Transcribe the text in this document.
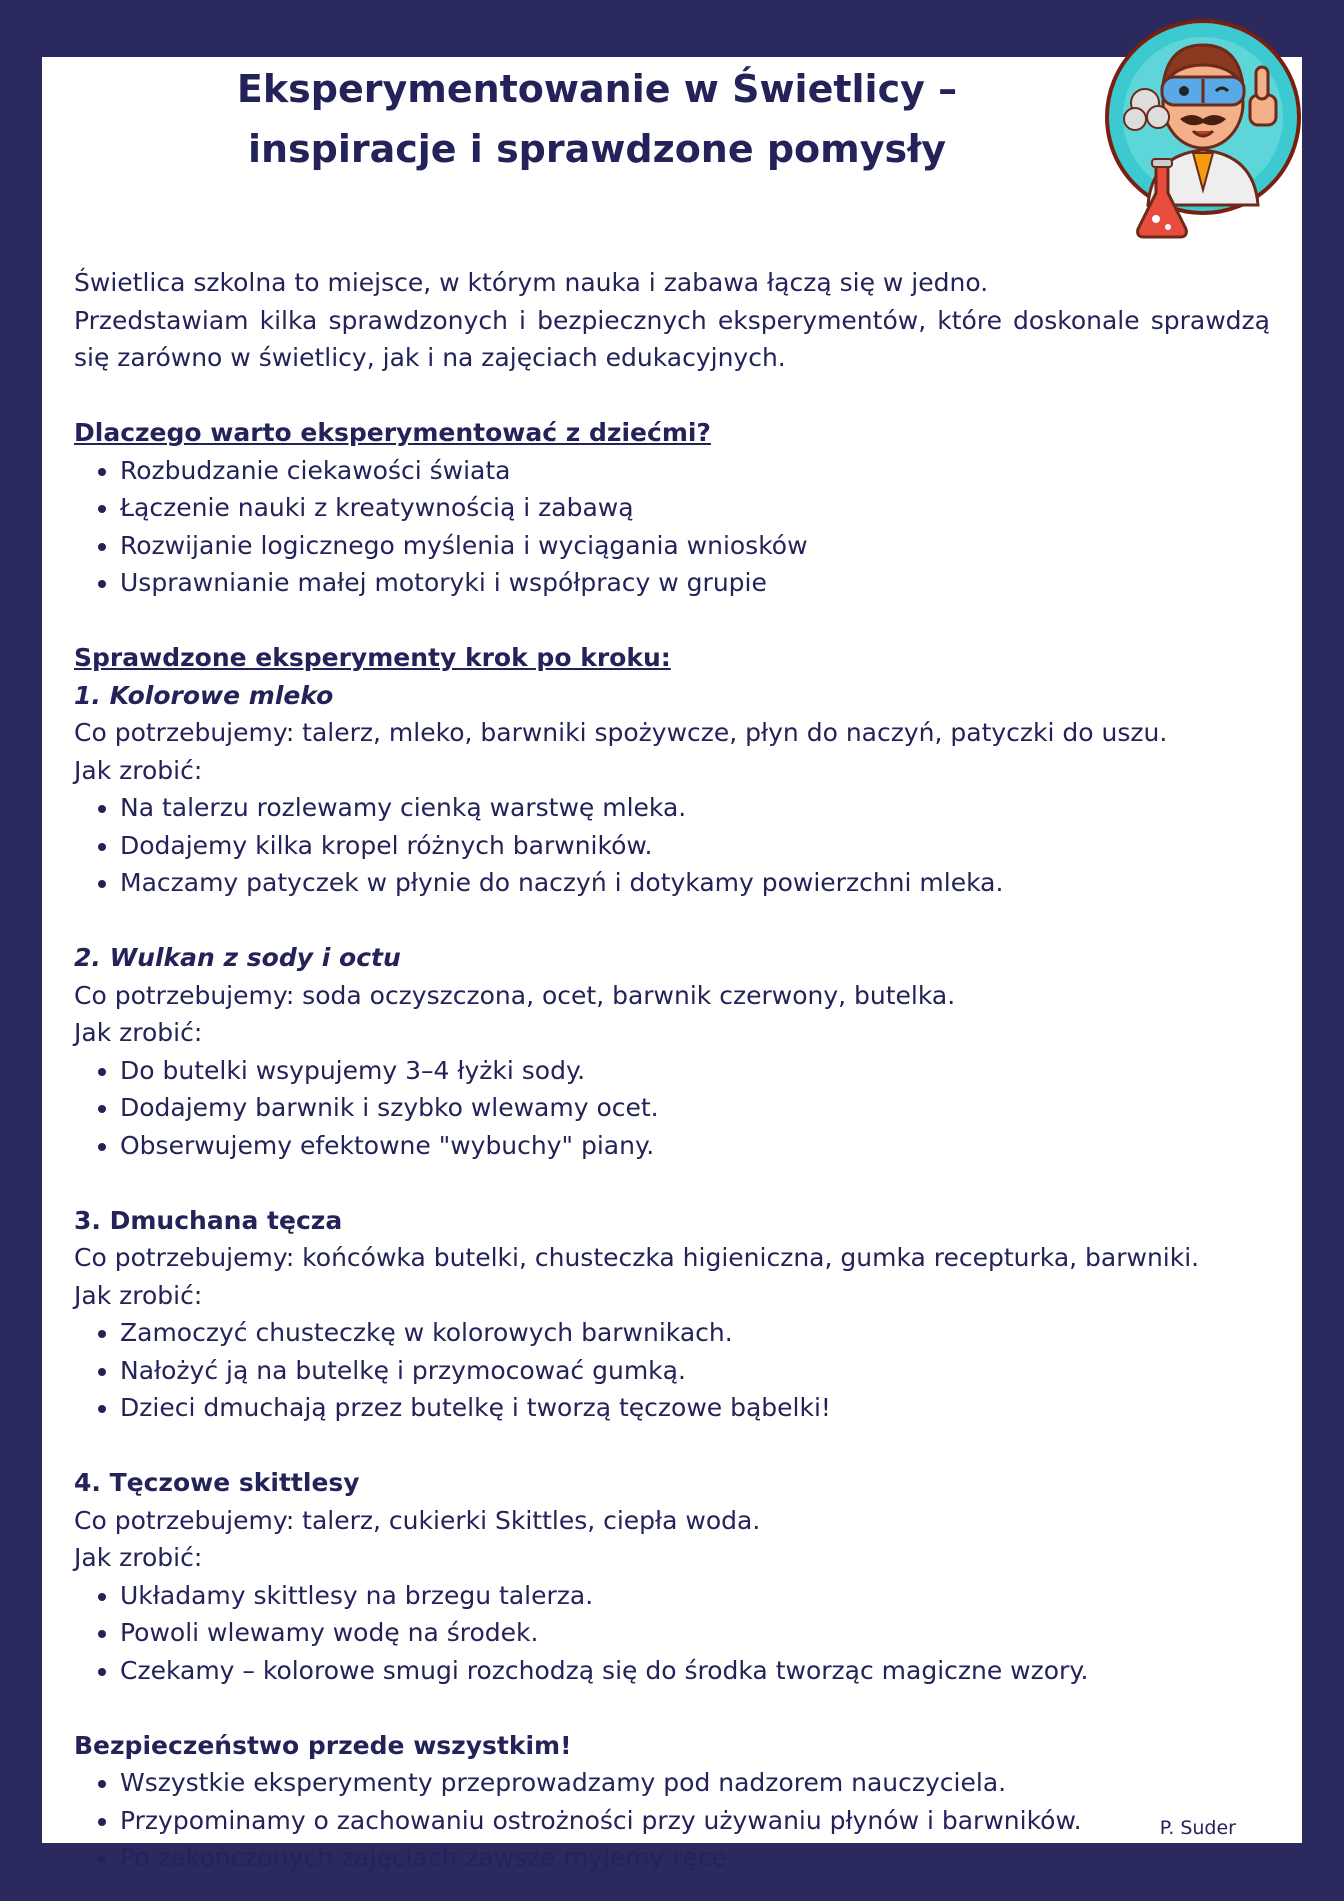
Eksperymentowanie w Świetlicy –
inspiracje i sprawdzone pomysły

Świetlica szkolna to miejsce, w którym nauka i zabawa łączą się w jedno.

Przedstawiam kilka sprawdzonych i bezpiecznych eksperymentów, które doskonale sprawdzą się zarówno w świetlicy, jak i na zajęciach edukacyjnych.

Dlaczego warto eksperymentować z dziećmi?

• Rozbudzanie ciekawości świata
• Łączenie nauki z kreatywnością i zabawą
• Rozwijanie logicznego myślenia i wyciągania wniosków
• Usprawnianie małej motoryki i współpracy w grupie

Sprawdzone eksperymenty krok po kroku:

1. Kolorowe mleko

Co potrzebujemy: talerz, mleko, barwniki spożywcze, płyn do naczyń, patyczki do uszu.

Jak zrobić:

• Na talerzu rozlewamy cienką warstwę mleka.
• Dodajemy kilka kropel różnych barwników.
• Maczamy patyczek w płynie do naczyń i dotykamy powierzchni mleka.

2. Wulkan z sody i octu

Co potrzebujemy: soda oczyszczona, ocet, barwnik czerwony, butelka.

Jak zrobić:

• Do butelki wsypujemy 3–4 łyżki sody.
• Dodajemy barwnik i szybko wlewamy ocet.
• Obserwujemy efektowne "wybuchy" piany.

3. Dmuchana tęcza

Co potrzebujemy: końcówka butelki, chusteczka higieniczna, gumka recepturka, barwniki.

Jak zrobić:

• Zamoczyć chusteczkę w kolorowych barwnikach.
• Nałożyć ją na butelkę i przymocować gumką.
• Dzieci dmuchają przez butelkę i tworzą tęczowe bąbelki!

4. Tęczowe skittlesy

Co potrzebujemy: talerz, cukierki Skittles, ciepła woda.

Jak zrobić:

• Układamy skittlesy na brzegu talerza.
• Powoli wlewamy wodę na środek.
• Czekamy – kolorowe smugi rozchodzą się do środka tworząc magiczne wzory.

Bezpieczeństwo przede wszystkim!

• Wszystkie eksperymenty przeprowadzamy pod nadzorem nauczyciela.
• Przypominamy o zachowaniu ostrożności przy używaniu płynów i barwników.
• Po zakończonych zajęciach zawsze myjemy ręce.
P. Suder
